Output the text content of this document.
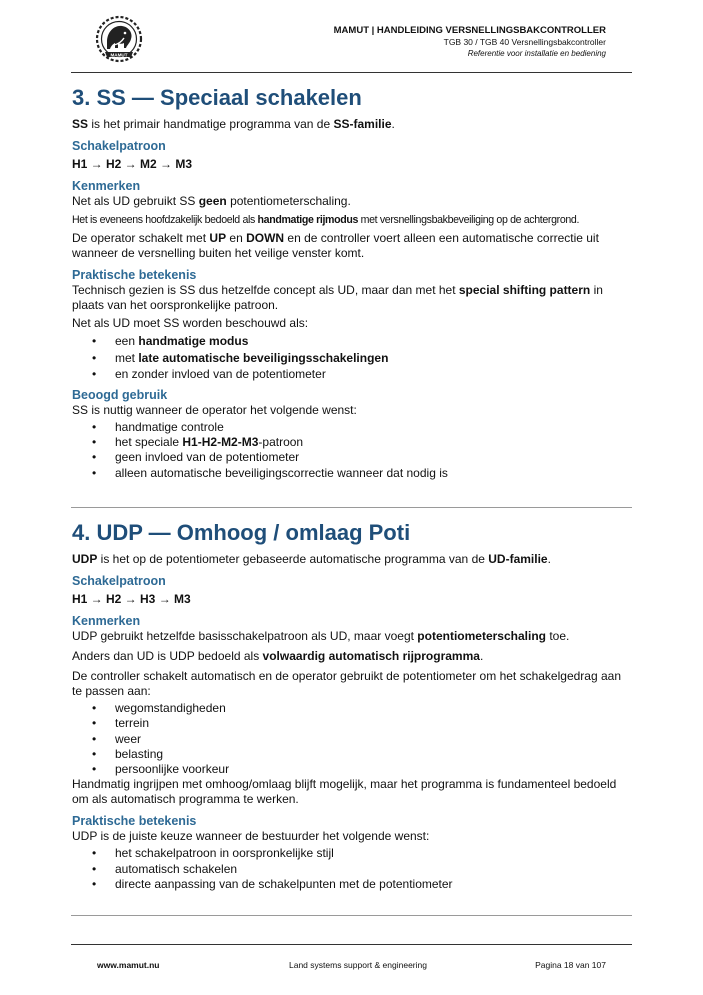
MAMUT
MAMUT | HANDLEIDING VERSNELLINGSBAKCONTROLLER
TGB 30 / TGB 40 Versnellingsbakcontroller
Referentie voor installatie en bediening
3. SS — Speciaal schakelen

SS is het primair handmatige programma van de SS-familie.

Schakelpatroon

H1 → H2 → M2 → M3

Kenmerken

Net als UD gebruikt SS geen potentiometerschaling.

Het is eveneens hoofdzakelijk bedoeld als handmatige rijmodus met versnellingsbakbeveiliging op de achtergrond.

De operator schakelt met UP en DOWN en de controller voert alleen een automatische correctie uit wanneer de versnelling buiten het veilige venster komt.

Praktische betekenis

Technisch gezien is SS dus hetzelfde concept als UD, maar dan met het special shifting pattern in plaats van het oorspronkelijke patroon.

Net als UD moet SS worden beschouwd als:

• een handmatige modus
• met late automatische beveiligingsschakelingen
• en zonder invloed van de potentiometer
Beoogd gebruik

SS is nuttig wanneer de operator het volgende wenst:

• handmatige controle
• het speciale H1-H2-M2-M3-patroon
• geen invloed van de potentiometer
• alleen automatische beveiligingscorrectie wanneer dat nodig is
4. UDP — Omhoog / omlaag Poti

UDP is het op de potentiometer gebaseerde automatische programma van de UD-familie.

Schakelpatroon

H1 → H2 → H3 → M3

Kenmerken

UDP gebruikt hetzelfde basisschakelpatroon als UD, maar voegt potentiometerschaling toe.

Anders dan UD is UDP bedoeld als volwaardig automatisch rijprogramma.

De controller schakelt automatisch en de operator gebruikt de potentiometer om het schakelgedrag aan te passen aan:

• wegomstandigheden
• terrein
• weer
• belasting
• persoonlijke voorkeur

Handmatig ingrijpen met omhoog/omlaag blijft mogelijk, maar het programma is fundamenteel bedoeld om als automatisch programma te werken.

Praktische betekenis

UDP is de juiste keuze wanneer de bestuurder het volgende wenst:

• het schakelpatroon in oorspronkelijke stijl
• automatisch schakelen
• directe aanpassing van de schakelpunten met de potentiometer
www.mamut.nu	Land systems support & engineering	Pagina 18 van 107
